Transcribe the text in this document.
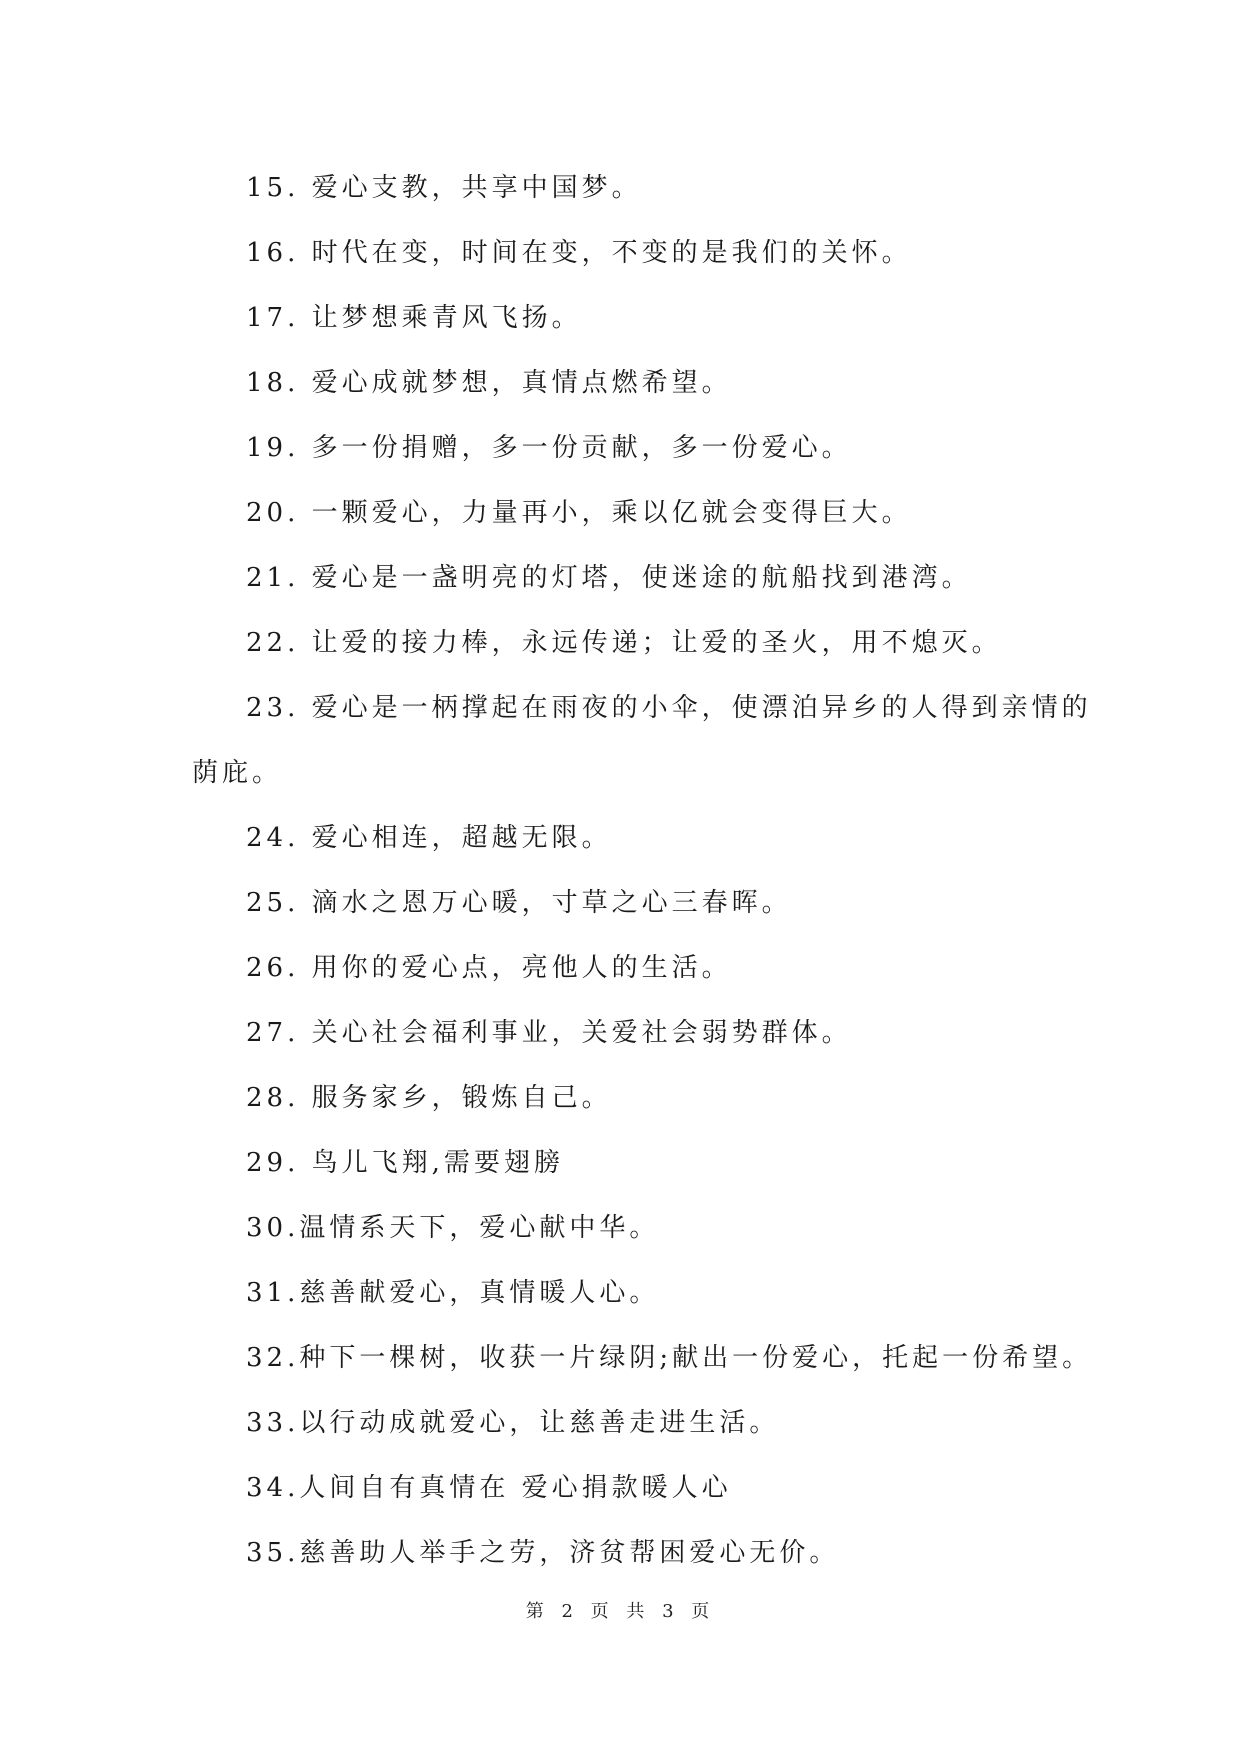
15. 爱心支教，共享中国梦。
16. 时代在变，时间在变，不变的是我们的关怀。
17. 让梦想乘青风飞扬。
18. 爱心成就梦想，真情点燃希望。
19. 多一份捐赠，多一份贡献，多一份爱心。
20. 一颗爱心，力量再小，乘以亿就会变得巨大。
21. 爱心是一盏明亮的灯塔，使迷途的航船找到港湾。
22. 让爱的接力棒，永远传递；让爱的圣火，用不熄灭。
23. 爱心是一柄撑起在雨夜的小伞，使漂泊异乡的人得到亲情的
荫庇。
24. 爱心相连，超越无限。
25. 滴水之恩万心暖，寸草之心三春晖。
26. 用你的爱心点，亮他人的生活。
27. 关心社会福利事业，关爱社会弱势群体。
28. 服务家乡，锻炼自己。
29. 鸟儿飞翔,需要翅膀
30.温情系天下，爱心献中华。
31.慈善献爱心，真情暖人心。
32.种下一棵树，收获一片绿阴;献出一份爱心，托起一份希望。
33.以行动成就爱心，让慈善走进生活。
34.人间自有真情在 爱心捐款暖人心
35.慈善助人举手之劳，济贫帮困爱心无价。
第 2 页 共 3 页
